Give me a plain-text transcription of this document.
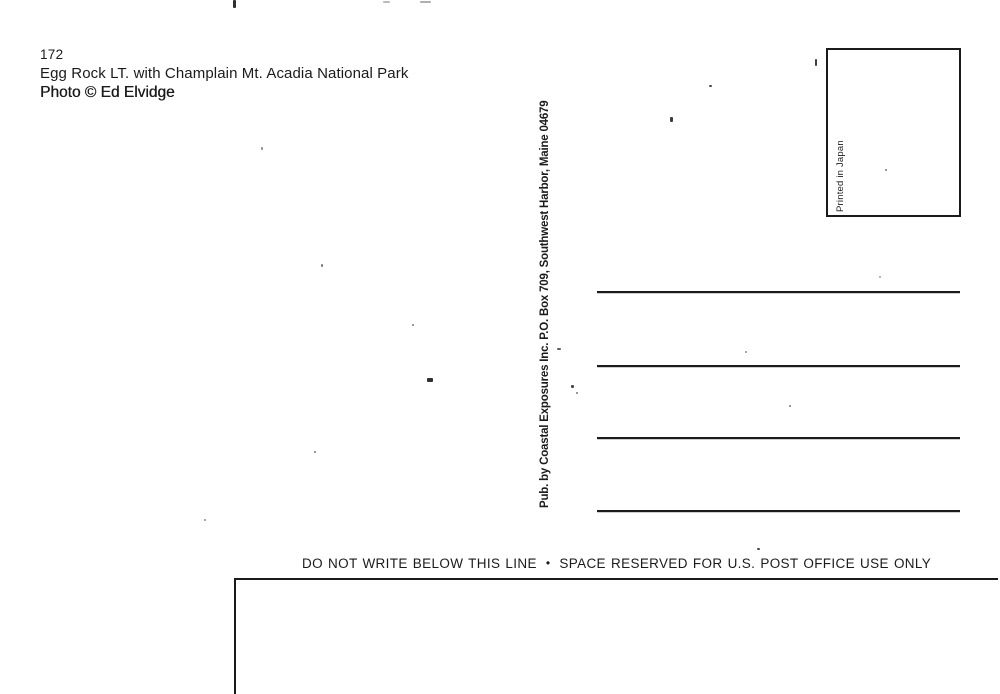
172
Egg Rock LT. with Champlain Mt. Acadia National Park
Photo © Ed Elvidge
Pub. by Coastal Exposures Inc. P.O. Box 709, Southwest Harbor, Maine 04679	Printed in Japan
DO NOT WRITE BELOW THIS LINE • SPACE RESERVED FOR U.S. POST OFFICE USE ONLY
